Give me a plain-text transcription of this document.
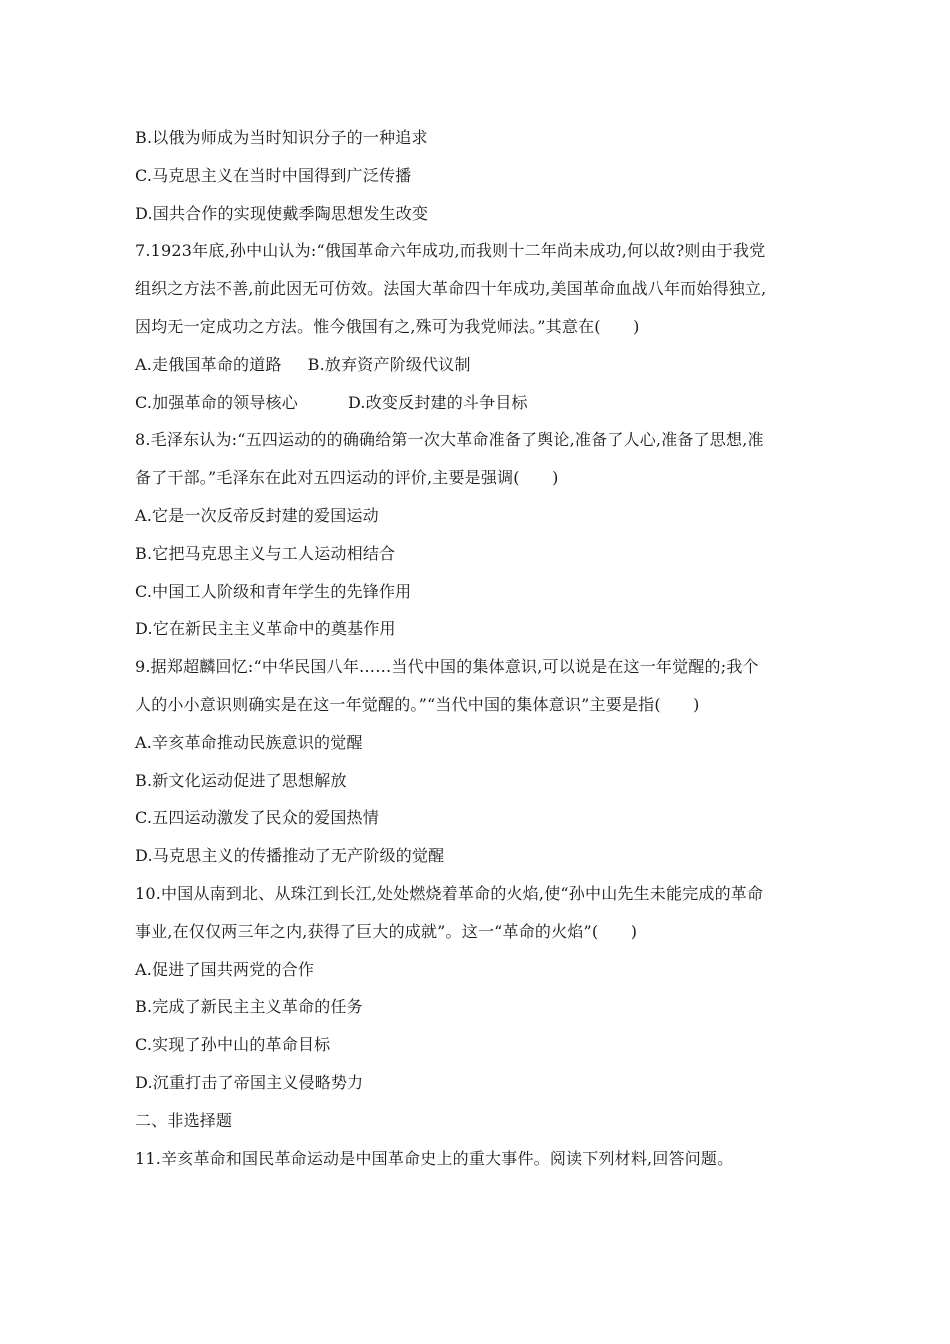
B.以俄为师成为当时知识分子的一种追求
C.马克思主义在当时中国得到广泛传播
D.国共合作的实现使戴季陶思想发生改变
7.1923年底,孙中山认为:“俄国革命六年成功,而我则十二年尚未成功,何以故?则由于我党
组织之方法不善,前此因无可仿效。法国大革命四十年成功,美国革命血战八年而始得独立,
因均无一定成功之方法。惟今俄国有之,殊可为我党师法。”其意在(　　)
A.走俄国革命的道路 B.放弃资产阶级代议制
C.加强革命的领导核心	D.改变反封建的斗争目标
8.毛泽东认为:“五四运动的的确确给第一次大革命准备了舆论,准备了人心,准备了思想,准
备了干部。”毛泽东在此对五四运动的评价,主要是强调(　　)
A.它是一次反帝反封建的爱国运动
B.它把马克思主义与工人运动相结合
C.中国工人阶级和青年学生的先锋作用
D.它在新民主主义革命中的奠基作用
9.据郑超麟回忆:“中华民国八年……当代中国的集体意识,可以说是在这一年觉醒的;我个
人的小小意识则确实是在这一年觉醒的。”“当代中国的集体意识”主要是指(　　)
A.辛亥革命推动民族意识的觉醒
B.新文化运动促进了思想解放
C.五四运动激发了民众的爱国热情
D.马克思主义的传播推动了无产阶级的觉醒
10.中国从南到北、从珠江到长江,处处燃烧着革命的火焰,使“孙中山先生未能完成的革命
事业,在仅仅两三年之内,获得了巨大的成就”。这一“革命的火焰”(　　)
A.促进了国共两党的合作
B.完成了新民主主义革命的任务
C.实现了孙中山的革命目标
D.沉重打击了帝国主义侵略势力
二、非选择题
11.辛亥革命和国民革命运动是中国革命史上的重大事件。阅读下列材料,回答问题。
